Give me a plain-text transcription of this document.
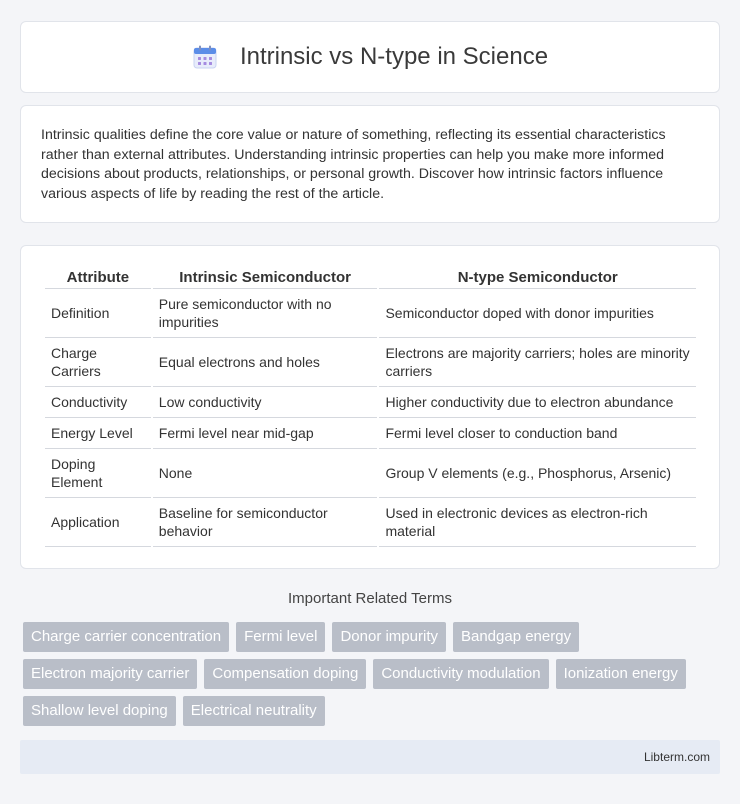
Intrinsic vs N-type in Science

Intrinsic qualities define the core value or nature of something, reflecting its essential characteristics rather than external attributes. Understanding intrinsic properties can help you make more informed decisions about products, relationships, or personal growth. Discover how intrinsic factors influence various aspects of life by reading the rest of the article.

Attribute	Intrinsic Semiconductor	N-type Semiconductor
Definition	Pure semiconductor with no impurities	Semiconductor doped with donor impurities
Charge Carriers	Equal electrons and holes	Electrons are majority carriers; holes are minority carriers
Conductivity	Low conductivity	Higher conductivity due to electron abundance
Energy Level	Fermi level near mid-gap	Fermi level closer to conduction band
Doping Element	None	Group V elements (e.g., Phosphorus, Arsenic)
Application	Baseline for semiconductor behavior	Used in electronic devices as electron-rich material
Important Related Terms
Charge carrier concentration	Fermi level	Donor impurity	Bandgap energy
Electron majority carrier	Compensation doping	Conductivity modulation	Ionization energy
Shallow level doping	Electrical neutrality
Libterm.com
